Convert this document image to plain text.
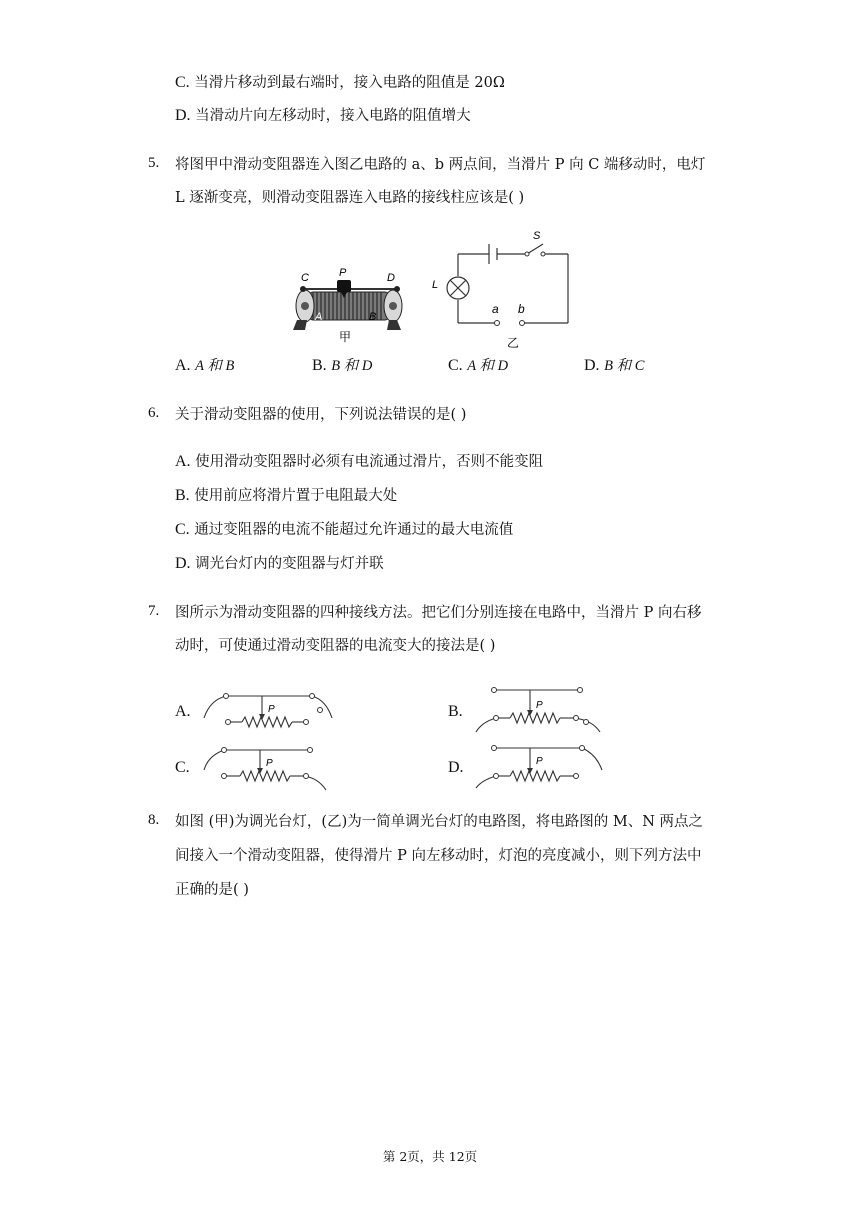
C. 当滑片移动到最右端时，接入电路的阻值是 20Ω
D. 当滑动片向左移动时，接入电路的阻值增大
5. 将图甲中滑动变阻器连入图乙电路的 a、b 两点间，当滑片 P 向 C 端移动时，电灯
L 逐渐变亮，则滑动变阻器连入电路的接线柱应该是( )
C	P	D
A	B
甲
S
L
a b
乙
A. A 和 B	B. B 和 D	C. A 和 D	D. B 和 C
6. 关于滑动变阻器的使用，下列说法错误的是( )
A. 使用滑动变阻器时必须有电流通过滑片，否则不能变阻
B. 使用前应将滑片置于电阻最大处
C. 通过变阻器的电流不能超过允许通过的最大电流值
D. 调光台灯内的变阻器与灯并联
7. 图所示为滑动变阻器的四种接线方法。把它们分别连接在电路中，当滑片 P 向右移
动时，可使通过滑动变阻器的电流变大的接法是( )
A.	P	B.	P
C.	P	D.	P
8. 如图 (甲)为调光台灯，(乙)为一简单调光台灯的电路图，将电路图的 M、N 两点之
间接入一个滑动变阻器，使得滑片 P 向左移动时，灯泡的亮度减小，则下列方法中
正确的是( )
第 2页，共 12页
